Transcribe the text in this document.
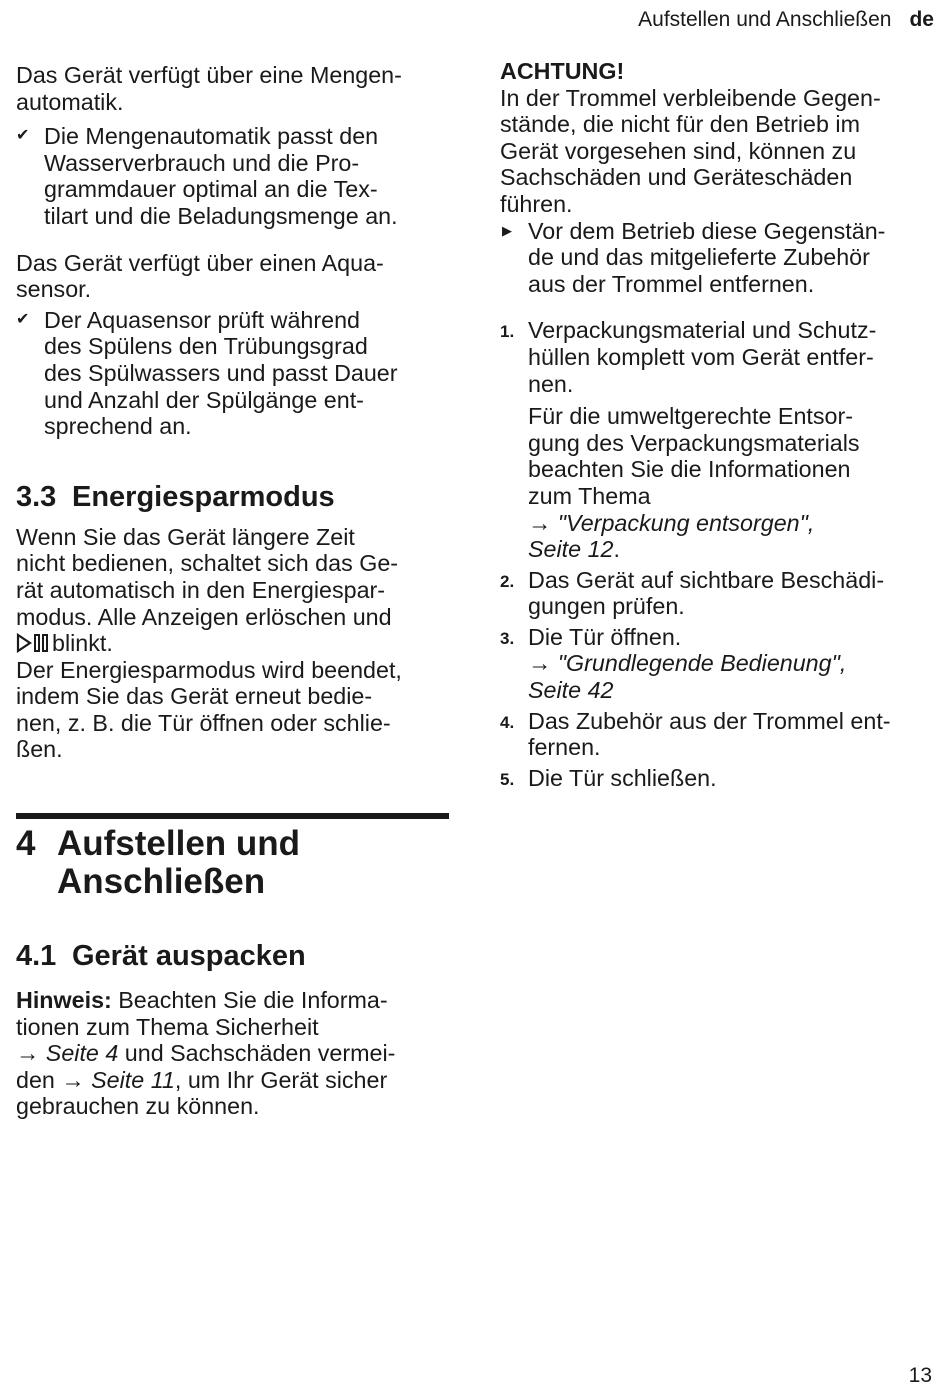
Aufstellen und Anschließen de

Das Gerät verfügt über eine Mengen-
automatik.

✔ Die Mengenautomatik passt den
Wasserverbrauch und die Pro-
grammdauer optimal an die Tex-
tilart und die Beladungsmenge an.

Das Gerät verfügt über einen Aqua-
sensor.

✔ Der Aquasensor prüft während
des Spülens den Trübungsgrad
des Spülwassers und passt Dauer
und Anzahl der Spülgänge ent-
sprechend an.
3.3 Energiesparmodus

Wenn Sie das Gerät längere Zeit
nicht bedienen, schaltet sich das Ge-
rät automatisch in den Energiespar-
modus. Alle Anzeigen erlöschen und
blinkt.
Der Energiesparmodus wird beendet,
indem Sie das Gerät erneut bedie-
nen, z. B. die Tür öffnen oder schlie-
ßen.

4 Aufstellen und
Anschließen
4.1 Gerät auspacken

Hinweis: Beachten Sie die Informa-
tionen zum Thema Sicherheit
→ Seite 4 und Sachschäden vermei-
den → Seite 11, um Ihr Gerät sicher
gebrauchen zu können.

ACHTUNG!

In der Trommel verbleibende Gegen-
stände, die nicht für den Betrieb im
Gerät vorgesehen sind, können zu
Sachschäden und Geräteschäden
führen.

▶ Vor dem Betrieb diese Gegenstän-
de und das mitgelieferte Zubehör
aus der Trommel entfernen.
1. Verpackungsmaterial und Schutz-
hüllen komplett vom Gerät entfer-
nen.
Für die umweltgerechte Entsor-
gung des Verpackungsmaterials
beachten Sie die Informationen
zum Thema
→ "Verpackung entsorgen",
Seite 12.
2. Das Gerät auf sichtbare Beschädi-
gungen prüfen.
3. Die Tür öffnen.
→ "Grundlegende Bedienung",
Seite 42
4. Das Zubehör aus der Trommel ent-
fernen.
5. Die Tür schließen.
13
